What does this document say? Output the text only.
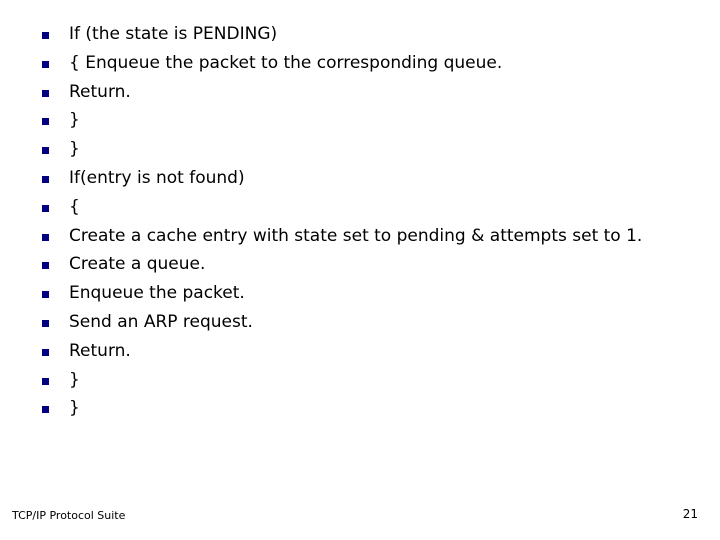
If (the state is PENDING)
{ Enqueue the packet to the corresponding queue.
Return.
}
}
If(entry is not found)
{
Create a cache entry with state set to pending & attempts set to 1.
Create a queue.
Enqueue the packet.
Send an ARP request.
Return.
}
}
TCP/IP Protocol Suite	21
